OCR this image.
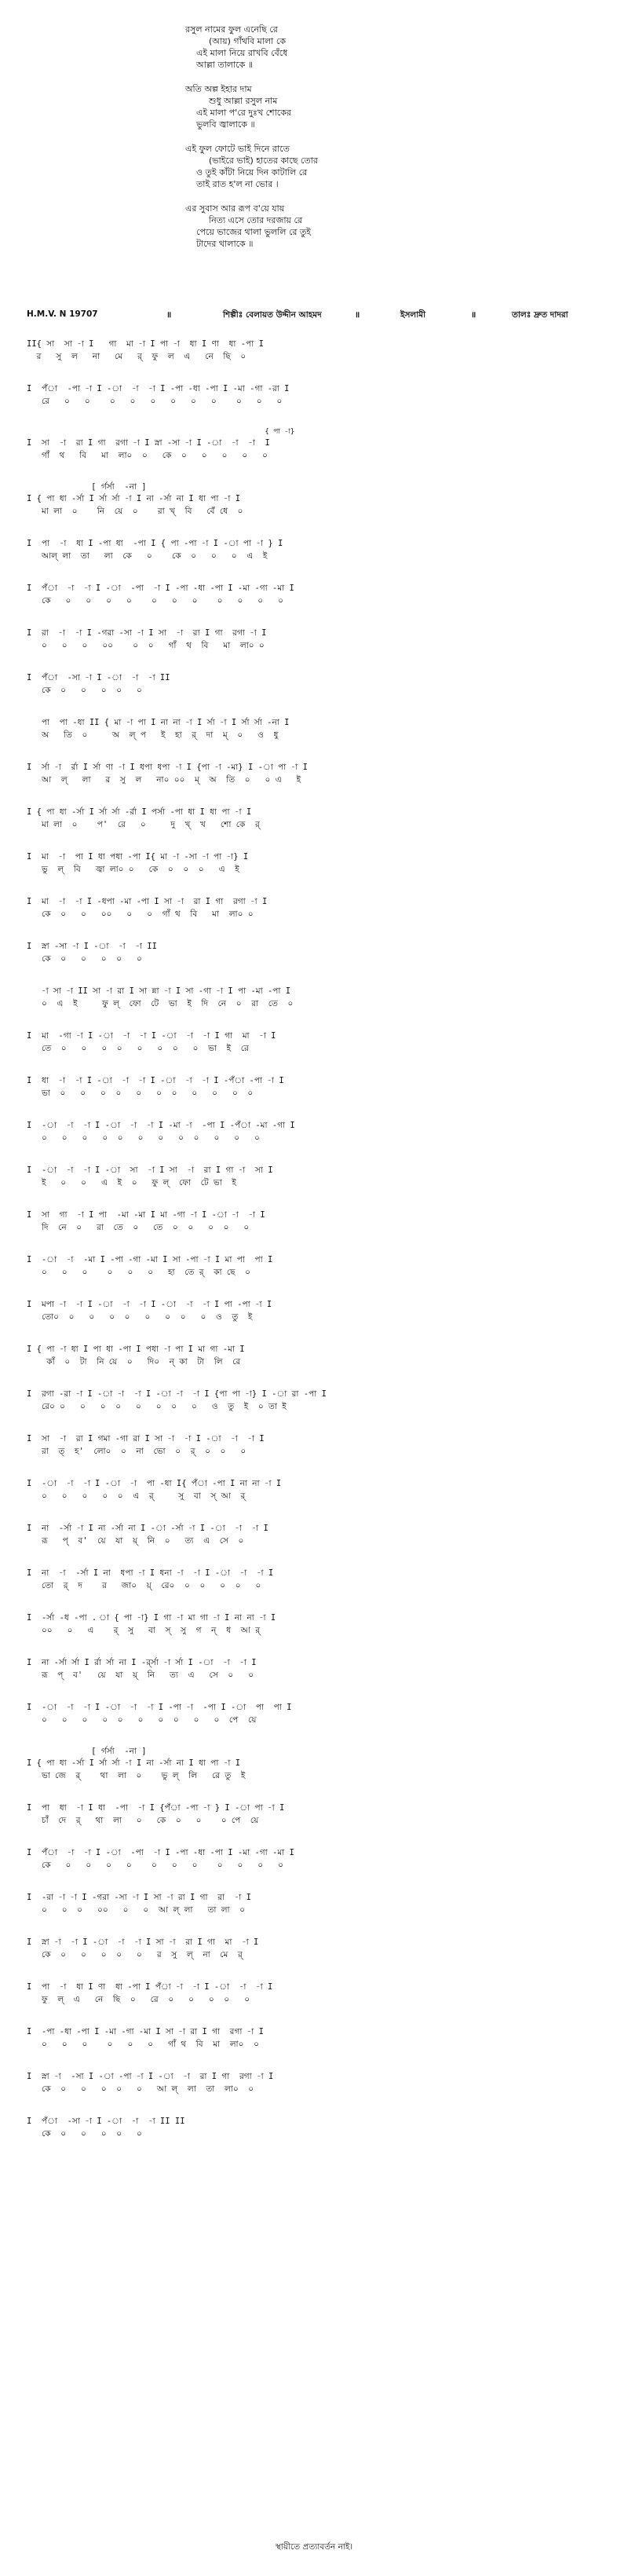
রসুল নামের ফুল এনেছি রে
(আয়) গাঁথবি মালা কে
এই মালা নিয়ে রাখবি বেঁধে
আল্লা তালাকে ॥
অতি অল্প ইহার দাম
শুধু আল্লা রসুল নাম
এই মালা প'রে দুঃখ শোকের
ভুলবি জ্বালাকে ॥
এই ফুল ফোটে ভাই দিনে রাতে
(ভাইরে ভাই) হাতের কাছে তোর
ও তুই কাঁটা নিয়ে দিন কাটালি রে
তাই রাত হ'ল না ভোর ।
এর সুবাস আর রূপ ব'য়ে যায়
নিত্য এসে তোর দরজায় রে
পেয়ে ভাজের থালা ভুললি রে তুই
টাদের থালাকে ॥
H.M.V. N 19707	॥	শিল্পীঃ বেলায়ত উদ্দীন আহমদ	॥	ইসলামী	॥	তালঃ দ্রুত দাদরা
II{ সা  সা -া I   গা  মা -া I পা -া  ধা I ণা  ধা -পা I
র   সু  ল   না   মে   র্  ফু  ল  এ   নে  ছি  ০
I  পঁা  -পা -া I -া  -া  -া I -পা -ধা -পা I -মা -গা -রা I
রে   ০   ০    ০   ০   ০   ০   ০   ০    ০   ০   ০
{ পা -া}
I  সা  -া  রা I গা  রগা -া I স্না -সা -া I -া  -া  -া  I
গাঁ  থ   বি   মা  লা০  ০   কে  ০   ০   ০   ০   ০
[ র্গর্সা  -না ]
I { পা ধা -র্সা I র্সা র্সা -া I না -র্সা না I ধা পা -া I
মা লা  ০    নি  য়ে  ০    রা খ্  বি   বেঁ ধে  ০
I  পা  -া  ধা I -পা ধা  -পা I { পা -পা -া I -া পা -া } I
আল্ লা  তা   লা  কে   ০    কে  ০   ০   ০  এ  ই
I  পঁা  -া  -া I -া  -পা  -া I -পা -ধা -পা I -মা -গা -মা I
কে   ০   ০   ০   ০    ০   ০   ০    ০   ০   ০   ০
I  রা  -া  -া I -গরা -সা -া I সা  -া  রা I গা  রগা -া I
০   ০   ০   ০০    ০  ০   গাঁ  থ  বি   মা  লা০ ০
I  পঁা  -সা -া I -া  -া  -া II
কে  ০   ০   ০  ০   ০
পা  পা -ধা II { মা -া পা I না না -া I র্সা -া I র্সা র্সা -না I
অ   তি  ০     অ  ল্ প   ই  হা  র্  দা  ম্  ০   ও  ধু
I  র্সা -া  র্রা I র্সা ণা -া I ধপা ধপা -া I {পা -া -মা} I -া পা -া I
আ  ল্   লা   র  সু  ল   না০ ০০  ম্  অ  তি  ০   ০ এ   ই
I { পা ধা -র্সা I র্সা র্সা -র্রা I পর্সা -পা ধা I ধা পা -া I
মা লা  ০    প'  রে   ০     দু  খ্  খ   শো কে  র্
I  মা  -া  পা I ধা পধা -পা I{ মা -া -সা -া পা -া} I
ভু  ল্  বি   জ্বা লা০ ০   কে  ০  ০  ০   এ  ই
I  মা  -া  -া I -ধপা -মা -পা I সা -া  রা I গা  রগা -া I
কে  ০   ০   ০০   ০   ০  গাঁ থ  বি   মা  লা০ ০
I  স্না -সা -া I -া  -া  -া II
কে  ০   ০   ০  ০   ০
-া সা -া II সা -া রা I সা ন্না -া I সা -গা -া I পা -মা -পা I
০  এ  ই     ফু ল্  ফো  টে  ভা  ই  দি  নে  ০  রা  তে  ০
I  মা  -গা -া I -া  -া  -া I -া  -া  -া I গা  মা  -া I
তে  ০   ০   ০  ০   ০   ০  ০   ০  ভা  ই  রে
I  ধা  -া  -া I -া  -া  -া I -া  -া  -া I -পঁা -পা -া I
ভা  ০   ০   ০  ০   ০   ০  ০   ০   ০   ০  ০
I  -া  -া  -া I -া  -া  -া I -মা -া  -পা I -পঁা -মা -গা I
০   ০   ০   ০  ০   ০   ০   ০  ০   ০   ০   ০
I  -া  -া  -া I -া  সা  -া I সা  -া  রা I গা -া  সা I
ই   ০   ০   এ  ই  ০   ফু ল্  ফো  টে ভা  ই
I  সা  গা  -া I পা  -মা -মা I মা -গা -া I -া -া  -া I
দি  নে  ০   রা  তে  ০   তে  ০  ০   ০  ০   ০
I  -া  -া  -মা I -পা -গা -মা I সা -পা -া I মা পা  পা I
০   ০   ০    ০   ০   ০   হা  তে র্  কা ছে  ০
I  মপা -া  -া I -া  -া  -া I -া  -া  -া I পা -পা -া I
তো০  ০   ০   ০  ০   ০   ০  ০   ০  ও  তু  ই
I { পা -া ধা I পা ধা -পা I পধা -া পা I মা গা -মা I
কাঁ  ০  টা  নি য়ে  ০   দি০  ন্ কা  টা  লি  রে
I  রগা -রা -া I -া -া  -া I -া -া  -া I {পা পা -া} I -া রা -পা I
রে০ ০   ০   ০  ০   ০   ০  ০   ০   ও  তু  ই  ০ তা ই
I  সা  -া  রা I গমা -গা রা I সা -া  -া I -া  -া  -া I
রা  ত্  হ'  লো০  ০  না  ভো  ০  র্  ০  ০   ০
I  -া  -া  -া I -া  -া  পা -ধা I{ পঁা -পা I না না -া I
০   ০   ০   ০  ০  এ  র্     সু  বা  স্ আ  র্
I  না  -র্সা -া I না -র্সা না I -া -র্সা -া I -া  -া  -া I
রূ   প্  ব'  য়ে  যা  য়্  নি  ০   ত্য  এ  সে  ০
I  না  -া  -র্সা I না  ধপা -া I ধনা -া  -া I -া  -া  -া I
তো  র্  দ    র   জা০  য়্  রে০  ০  ০   ০  ০   ০
I  -র্সা -ধ -পা . া { পা -া} I গা -া মা গা -া I না না -া I
০০   ০   এ    র্  সু   বা  স্  সু  গ  ন্  ধ  আ র্
I  না -র্সা র্সা I র্রা র্সা না I -র্র্সা -া র্সা I -া  -া  -া I
রূ  প্  ব'   য়ে  যা  য়্  নি   ত্য  এ   সে  ০   ০
I  -া  -া  -া I -া  -া  -া I -পা -া  -পা I -া  পা  পা I
০   ০   ০   ০  ০   ০   ০  ০   ০   ০  পে  য়ে
[ র্গর্সা  -না ]
I { পা ধা -র্সা I র্সা র্সা -া I না -র্সা না I ধা পা -া I
ভা জে  র্    থা  লা  ০    ভু ল্  লি   রে তু  ই
I  পা  ধা  -া I ধা  -পা  -া I {পঁা -পা -া } I -া পা -া I
চাঁ  দে  র্   থা  লা   ০   কে  ০   ০    ০ পে  য়ে
I  পঁা  -া  -া I -া  -পা  -া I -পা -ধা -পা I -মা -গা -মা I
কে   ০   ০   ০   ০    ০   ০   ০    ০   ০   ০   ০
I  -রা -া -া I -গরা -সা -া I সা -া রা I গা  রা  -া I
০   ০  ০   ০০   ০   ০  আ ল্ লা   তা লা  ০
I  স্না -া  -া I -া  -া  -া I সা -া  রা I গা  মা  -া I
কে  ০   ০   ০  ০   ০   র  সু  ল্  না  মে  র্
I  পা  -া  ধা I ণা  ধা -পা I পঁা -া  -া I -া  -া  -া I
ফু  ল্  এ   নে  ছি  ০   রে  ০   ০   ০  ০   ০
I  -পা -ধা -পা I -মা -গা -মা I সা -া রা I গা  রগা -া I
০   ০   ০    ০   ০   ০   গাঁ থ  বি  মা  লা০  ০
I  স্না -া  -সা I -া -পা -া I -া  -া  রা I গা  রগা -া I
কে  ০   ০   ০  ০   ০   আ ল্  লা  তা  লা০  ০
I  পঁা  -সা -া I -া  -া  -া II II
কে  ০   ০   ০  ০   ০
স্থায়ীতে প্রত্যাবর্তন নাই।
